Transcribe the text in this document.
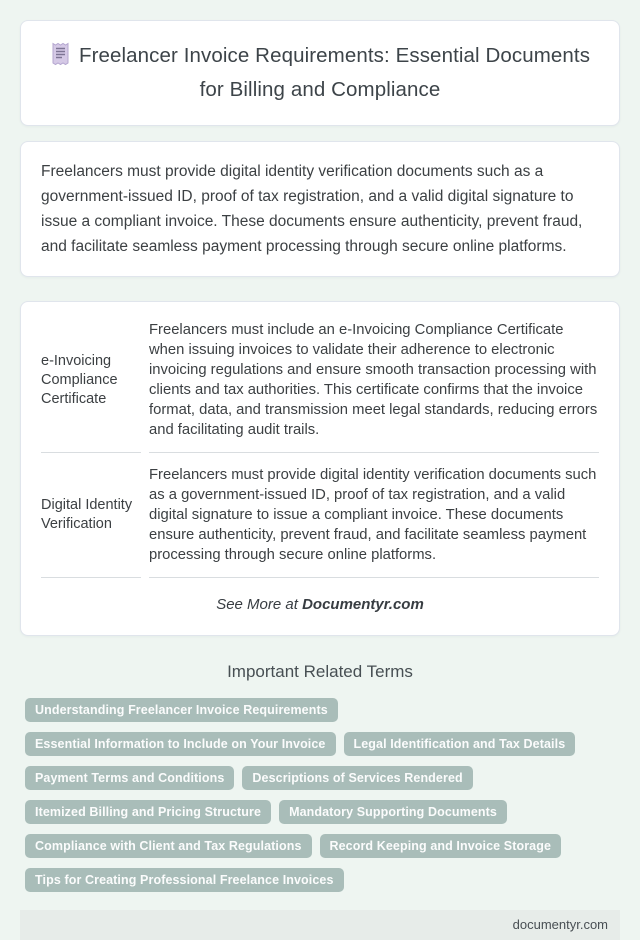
Freelancer Invoice Requirements: Essential Documents for Billing and Compliance

Freelancers must provide digital identity verification documents such as a government-issued ID, proof of tax registration, and a valid digital signature to issue a compliant invoice. These documents ensure authenticity, prevent fraud, and facilitate seamless payment processing through secure online platforms.

e-Invoicing Compliance Certificate	Freelancers must include an e-Invoicing Compliance Certificate when issuing invoices to validate their adherence to electronic invoicing regulations and ensure smooth transaction processing with clients and tax authorities. This certificate confirms that the invoice format, data, and transmission meet legal standards, reducing errors and facilitating audit trails.
Digital Identity Verification	Freelancers must provide digital identity verification documents such as a government-issued ID, proof of tax registration, and a valid digital signature to issue a compliant invoice. These documents ensure authenticity, prevent fraud, and facilitate seamless payment processing through secure online platforms.
See More at Documentyr.com
Important Related Terms
Understanding Freelancer Invoice Requirements
Essential Information to Include on Your Invoice	Legal Identification and Tax Details
Payment Terms and Conditions	Descriptions of Services Rendered
Itemized Billing and Pricing Structure	Mandatory Supporting Documents
Compliance with Client and Tax Regulations	Record Keeping and Invoice Storage
Tips for Creating Professional Freelance Invoices
documentyr.com
